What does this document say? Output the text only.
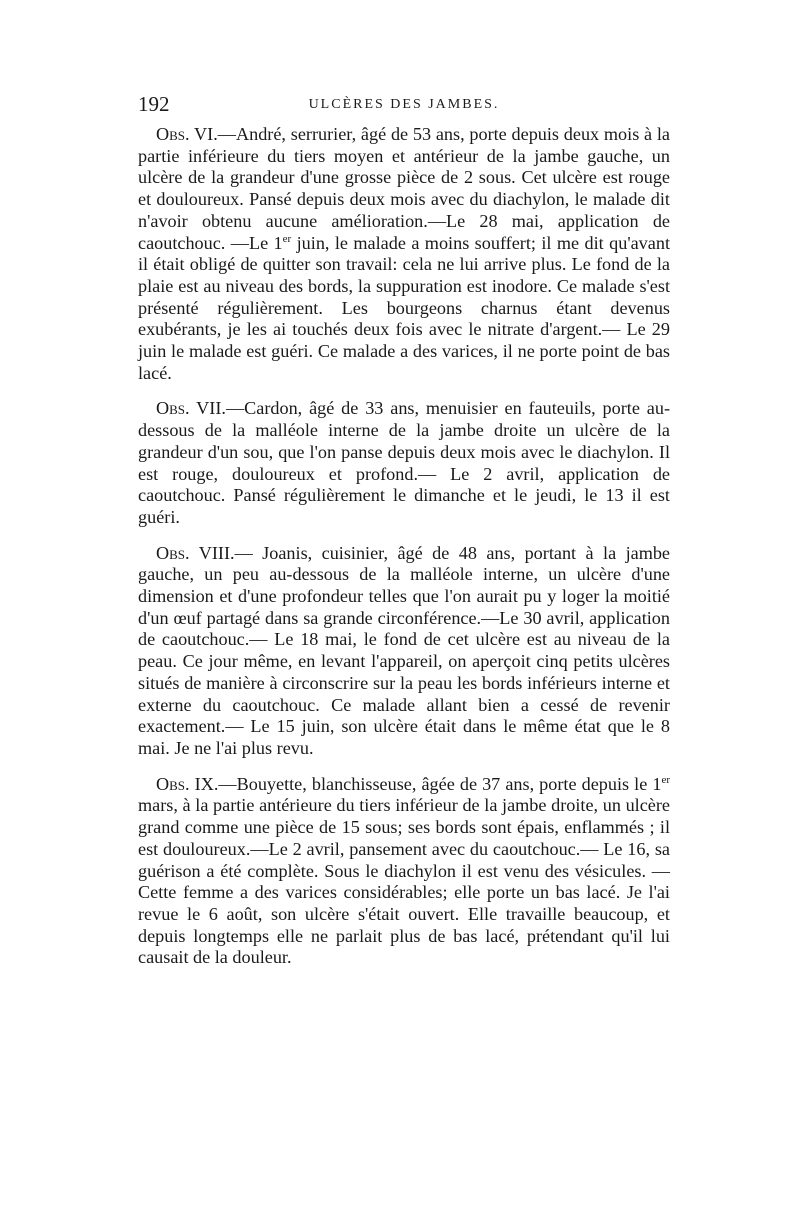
192	ULCÈRES DES JAMBES.

Obs. VI.—André, serrurier, âgé de 53 ans, porte depuis deux mois à la partie inférieure du tiers moyen et antérieur de la jambe gauche, un ulcère de la grandeur d'une grosse pièce de 2 sous. Cet ulcère est rouge et douloureux. Pansé depuis deux mois avec du diachylon, le malade dit n'avoir obtenu aucune amélioration.—Le 28 mai, application de caoutchouc. —Le 1er juin, le malade a moins souffert; il me dit qu'avant il était obligé de quitter son travail: cela ne lui arrive plus. Le fond de la plaie est au niveau des bords, la suppuration est inodore. Ce malade s'est présenté régulièrement. Les bourgeons charnus étant devenus exubérants, je les ai touchés deux fois avec le nitrate d'argent.— Le 29 juin le malade est guéri. Ce malade a des varices, il ne porte point de bas lacé.

Obs. VII.—Cardon, âgé de 33 ans, menuisier en fauteuils, porte au-dessous de la malléole interne de la jambe droite un ulcère de la grandeur d'un sou, que l'on panse depuis deux mois avec le diachylon. Il est rouge, douloureux et profond.— Le 2 avril, application de caoutchouc. Pansé régulièrement le dimanche et le jeudi, le 13 il est guéri.

Obs. VIII.— Joanis, cuisinier, âgé de 48 ans, portant à la jambe gauche, un peu au-dessous de la malléole interne, un ulcère d'une dimension et d'une profondeur telles que l'on aurait pu y loger la moitié d'un œuf partagé dans sa grande circonférence.—Le 30 avril, application de caoutchouc.— Le 18 mai, le fond de cet ulcère est au niveau de la peau. Ce jour même, en levant l'appareil, on aperçoit cinq petits ulcères situés de manière à circonscrire sur la peau les bords inférieurs interne et externe du caoutchouc. Ce malade allant bien a cessé de revenir exactement.— Le 15 juin, son ulcère était dans le même état que le 8 mai. Je ne l'ai plus revu.

Obs. IX.—Bouyette, blanchisseuse, âgée de 37 ans, porte depuis le 1er mars, à la partie antérieure du tiers inférieur de la jambe droite, un ulcère grand comme une pièce de 15 sous; ses bords sont épais, enflammés ; il est douloureux.—Le 2 avril, pansement avec du caoutchouc.— Le 16, sa guérison a été complète. Sous le diachylon il est venu des vésicules. —Cette femme a des varices considérables; elle porte un bas lacé. Je l'ai revue le 6 août, son ulcère s'était ouvert. Elle travaille beaucoup, et depuis longtemps elle ne parlait plus de bas lacé, prétendant qu'il lui causait de la douleur.
